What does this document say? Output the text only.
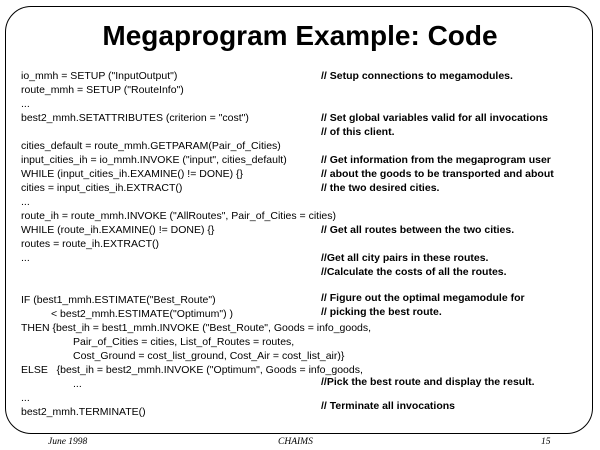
Megaprogram Example: Code
io_mmh = SETUP ("InputOutput")
route_mmh = SETUP ("RouteInfo")
...
best2_mmh.SETATTRIBUTES (criterion = "cost")
cities_default = route_mmh.GETPARAM(Pair_of_Cities)
input_cities_ih = io_mmh.INVOKE ("input", cities_default)
WHILE (input_cities_ih.EXAMINE() != DONE) {}
cities = input_cities_ih.EXTRACT()
...
route_ih = route_mmh.INVOKE ("AllRoutes", Pair_of_Cities = cities)
WHILE (route_ih.EXAMINE() != DONE) {}
routes = route_ih.EXTRACT()
...
IF (best1_mmh.ESTIMATE("Best_Route")
< best2_mmh.ESTIMATE("Optimum") )
THEN {best_ih = best1_mmh.INVOKE ("Best_Route", Goods = info_goods,
Pair_of_Cities = cities, List_of_Routes = routes,
Cost_Ground = cost_list_ground, Cost_Air = cost_list_air)}
ELSE   {best_ih = best2_mmh.INVOKE ("Optimum", Goods = info_goods,
...
...
best2_mmh.TERMINATE()
// Setup connections to megamodules.
// Set global variables valid for all invocations
// of this client.
// Get information from the megaprogram user
// about the goods to be transported and about
// the two desired cities.
// Get all routes between the two cities.
//Get all city pairs in these routes.
//Calculate the costs of all the routes.
// Figure out the optimal megamodule for
// picking the best route.
//Pick the best route and display the result.
// Terminate all invocations
June 1998	CHAIMS	15
